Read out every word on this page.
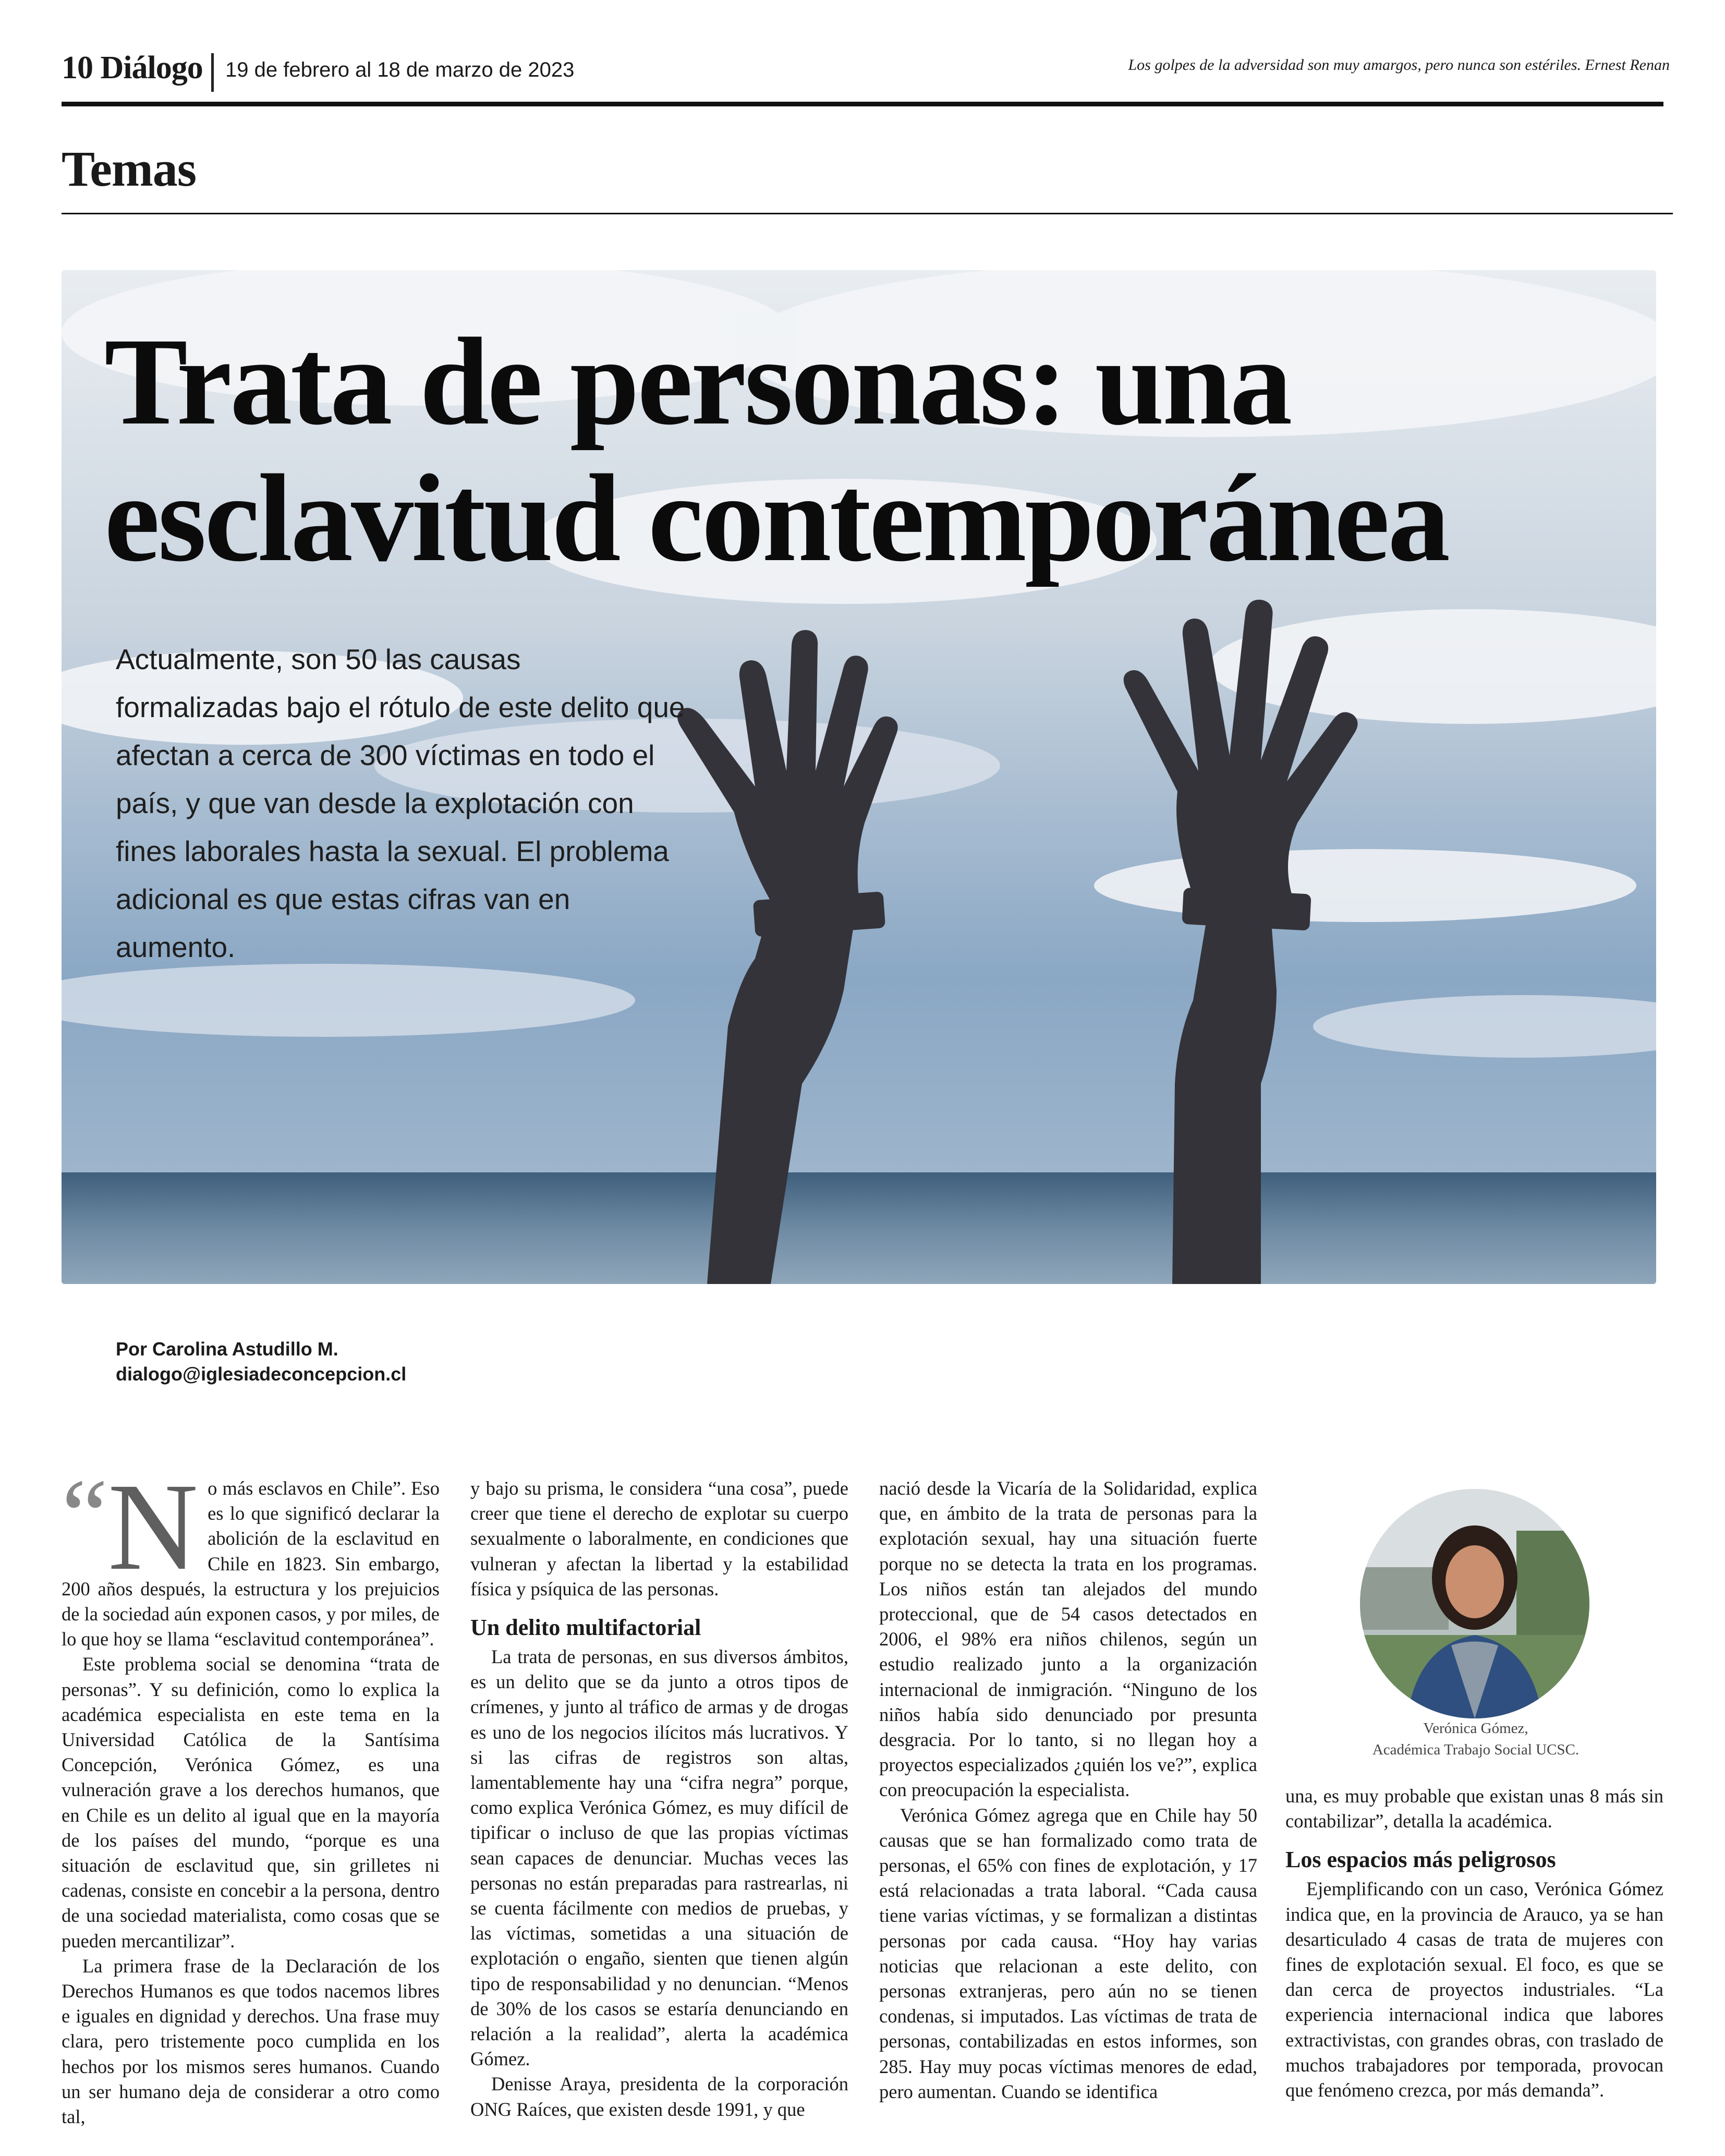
10 Diálogo 19 de febrero al 18 de marzo de 2023	Los golpes de la adversidad son muy amargos, pero nunca son estériles. Ernest Renan
Temas
Trata de personas: una esclavitud contemporánea
Actualmente, son 50 las causas formalizadas bajo el rótulo de este delito que afectan a cerca de 300 víctimas en todo el país, y que van desde la explotación con fines laborales hasta la sexual. El problema adicional es que estas cifras van en aumento.
Por Carolina Astudillo M.
dialogo@iglesiadeconcepcion.cl
“ N o más esclavos en Chile”. Eso es lo que significó declarar la abolición de la esclavitud en Chile en 1823. Sin embargo, 200 años después, la estructura y los prejuicios de la sociedad aún exponen casos, y por miles, de lo que hoy se llama “esclavitud contemporánea”.

Este problema social se denomina “trata de personas”. Y su definición, como lo explica la académica especialista en este tema en la Universidad Católica de la Santísima Concepción, Verónica Gómez, es una vulneración grave a los derechos humanos, que en Chile es un delito al igual que en la mayoría de los países del mundo, “porque es una situación de esclavitud que, sin grilletes ni cadenas, consiste en concebir a la persona, dentro de una sociedad materialista, como cosas que se pueden mercantilizar”.

La primera frase de la Declaración de los Derechos Humanos es que todos nacemos libres e iguales en dignidad y derechos. Una frase muy clara, pero tristemente poco cumplida en los hechos por los mismos seres humanos. Cuando un ser humano deja de considerar a otro como tal,

y bajo su prisma, le considera “una cosa”, puede creer que tiene el derecho de explotar su cuerpo sexualmente o laboralmente, en condiciones que vulneran y afectan la libertad y la estabilidad física y psíquica de las personas.

Un delito multifactorial

La trata de personas, en sus diversos ámbitos, es un delito que se da junto a otros tipos de crímenes, y junto al tráfico de armas y de drogas es uno de los negocios ilícitos más lucrativos. Y si las cifras de registros son altas, lamentablemente hay una “cifra negra” porque, como explica Verónica Gómez, es muy difícil de tipificar o incluso de que las propias víctimas sean capaces de denunciar. Muchas veces las personas no están preparadas para rastrearlas, ni se cuenta fácilmente con medios de pruebas, y las víctimas, sometidas a una situación de explotación o engaño, sienten que tienen algún tipo de responsabilidad y no denuncian. “Menos de 30% de los casos se estaría denunciando en relación a la realidad”, alerta la académica Gómez.

Denisse Araya, presidenta de la corporación ONG Raíces, que existen desde 1991, y que

nació desde la Vicaría de la Solidaridad, explica que, en ámbito de la trata de personas para la explotación sexual, hay una situación fuerte porque no se detecta la trata en los programas. Los niños están tan alejados del mundo proteccional, que de 54 casos detectados en 2006, el 98% era niños chilenos, según un estudio realizado junto a la organización internacional de inmigración. “Ninguno de los niños había sido denunciado por presunta desgracia. Por lo tanto, si no llegan hoy a proyectos especializados ¿quién los ve?”, explica con preocupación la especialista.

Verónica Gómez agrega que en Chile hay 50 causas que se han formalizado como trata de personas, el 65% con fines de explotación, y 17 está relacionadas a trata laboral. “Cada causa tiene varias víctimas, y se formalizan a distintas personas por cada causa. “Hoy hay varias noticias que relacionan a este delito, con personas extranjeras, pero aún no se tienen condenas, si imputados. Las víctimas de trata de personas, contabilizadas en estos informes, son 285. Hay muy pocas víctimas menores de edad, pero aumentan. Cuando se identifica

Verónica Gómez,
Académica Trabajo Social UCSC.

una, es muy probable que existan unas 8 más sin contabilizar”, detalla la académica.

Los espacios más peligrosos

Ejemplificando con un caso, Verónica Gómez indica que, en la provincia de Arauco, ya se han desarticulado 4 casas de trata de mujeres con fines de explotación sexual. El foco, es que se dan cerca de proyectos industriales. “La experiencia internacional indica que labores extractivistas, con grandes obras, con traslado de muchos trabajadores por temporada, provocan que fenómeno crezca, por más demanda”.
